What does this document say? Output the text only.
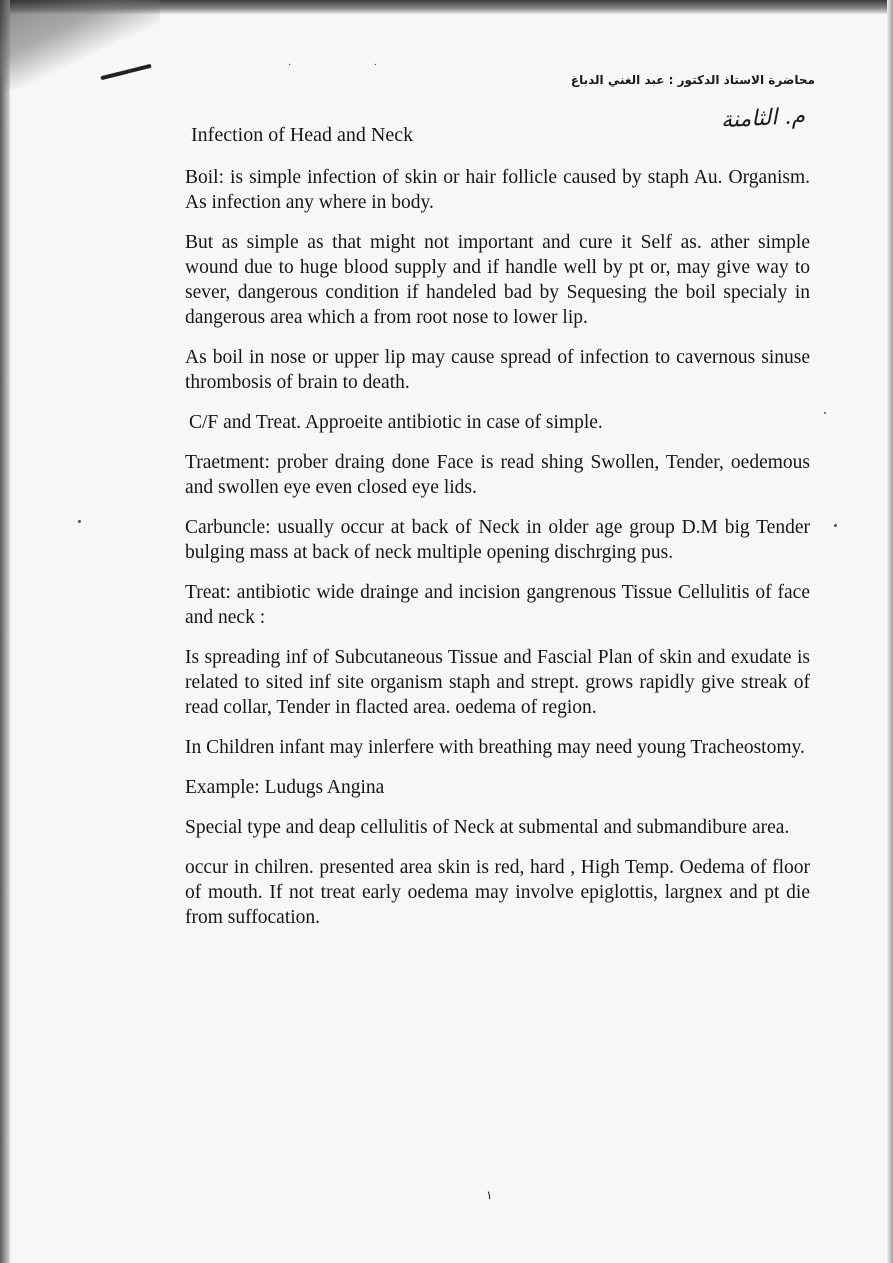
· ·
محاضرة الاستاذ الدكتور : عبد الغني الدباغ
م. الثامنة
Infection of Head and Neck

Boil: is simple infection of skin or hair follicle caused by staph Au. Organism. As infection any where in body.

But as simple as that might not important and cure it Self as. ather simple wound due to huge blood supply and if handle well by pt or, may give way to sever, dangerous condition if handeled bad by Sequesing the boil specialy in dangerous area which a from root nose to lower lip.

As boil in nose or upper lip may cause spread of infection to cavernous sinuse thrombosis of brain to death.

C/F and Treat. Approeite antibiotic in case of simple.

Traetment: prober draing done Face is read shing Swollen, Tender, oedemous and swollen eye even closed eye lids.

Carbuncle: usually occur at back of Neck in older age group D.M big Tender bulging mass at back of neck multiple opening dischrging pus.

Treat: antibiotic wide drainge and incision gangrenous Tissue Cellulitis of face and neck :

Is spreading inf of Subcutaneous Tissue and Fascial Plan of skin and exudate is related to sited inf site organism staph and strept. grows rapidly give streak of read collar, Tender in flacted area. oedema of region.

In Children infant may inlerfere with breathing may need young Tracheostomy.

Example: Ludugs Angina

Special type and deap cellulitis of Neck at submental and submandibure area.

occur in chilren. presented area skin is red, hard , High Temp. Oedema of floor of mouth. If not treat early oedema may involve epiglottis, largnex and pt die from suffocation.

١
